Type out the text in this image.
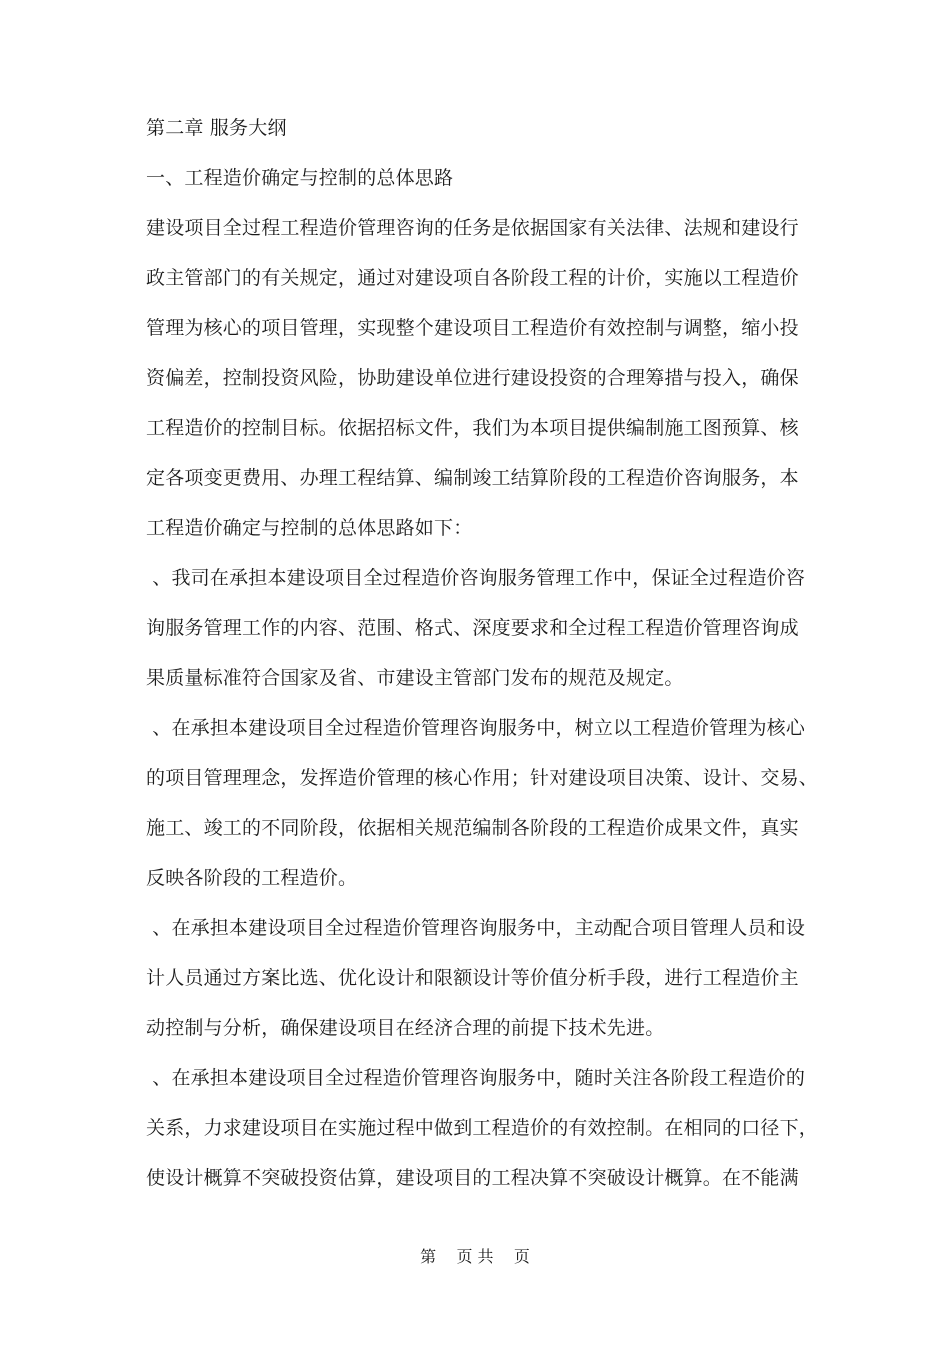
第二章 服务大纲
一、工程造价确定与控制的总体思路
建设项目全过程工程造价管理咨询的任务是依据国家有关法律、法规和建设行
政主管部门的有关规定，通过对建设项自各阶段工程的计价，实施以工程造价
管理为核心的项目管理，实现整个建设项目工程造价有效控制与调整，缩小投
资偏差，控制投资风险，协助建设单位进行建设投资的合理筹措与投入，确保
工程造价的控制目标。依据招标文件，我们为本项目提供编制施工图预算、核
定各项变更费用、办理工程结算、编制竣工结算阶段的工程造价咨询服务，本
工程造价确定与控制的总体思路如下：
、我司在承担本建设项目全过程造价咨询服务管理工作中，保证全过程造价咨
询服务管理工作的内容、范围、格式、深度要求和全过程工程造价管理咨询成
果质量标准符合国家及省、市建设主管部门发布的规范及规定。
、在承担本建设项目全过程造价管理咨询服务中，树立以工程造价管理为核心
的项目管理理念，发挥造价管理的核心作用；针对建设项目决策、设计、交易、
施工、竣工的不同阶段，依据相关规范编制各阶段的工程造价成果文件，真实
反映各阶段的工程造价。
、在承担本建设项目全过程造价管理咨询服务中，主动配合项目管理人员和设
计人员通过方案比选、优化设计和限额设计等价值分析手段，进行工程造价主
动控制与分析，确保建设项目在经济合理的前提下技术先进。
、在承担本建设项目全过程造价管理咨询服务中，随时关注各阶段工程造价的
关系，力求建设项目在实施过程中做到工程造价的有效控制。在相同的口径下，
使设计概算不突破投资估算，建设项目的工程决算不突破设计概算。在不能满
第    页 共    页
